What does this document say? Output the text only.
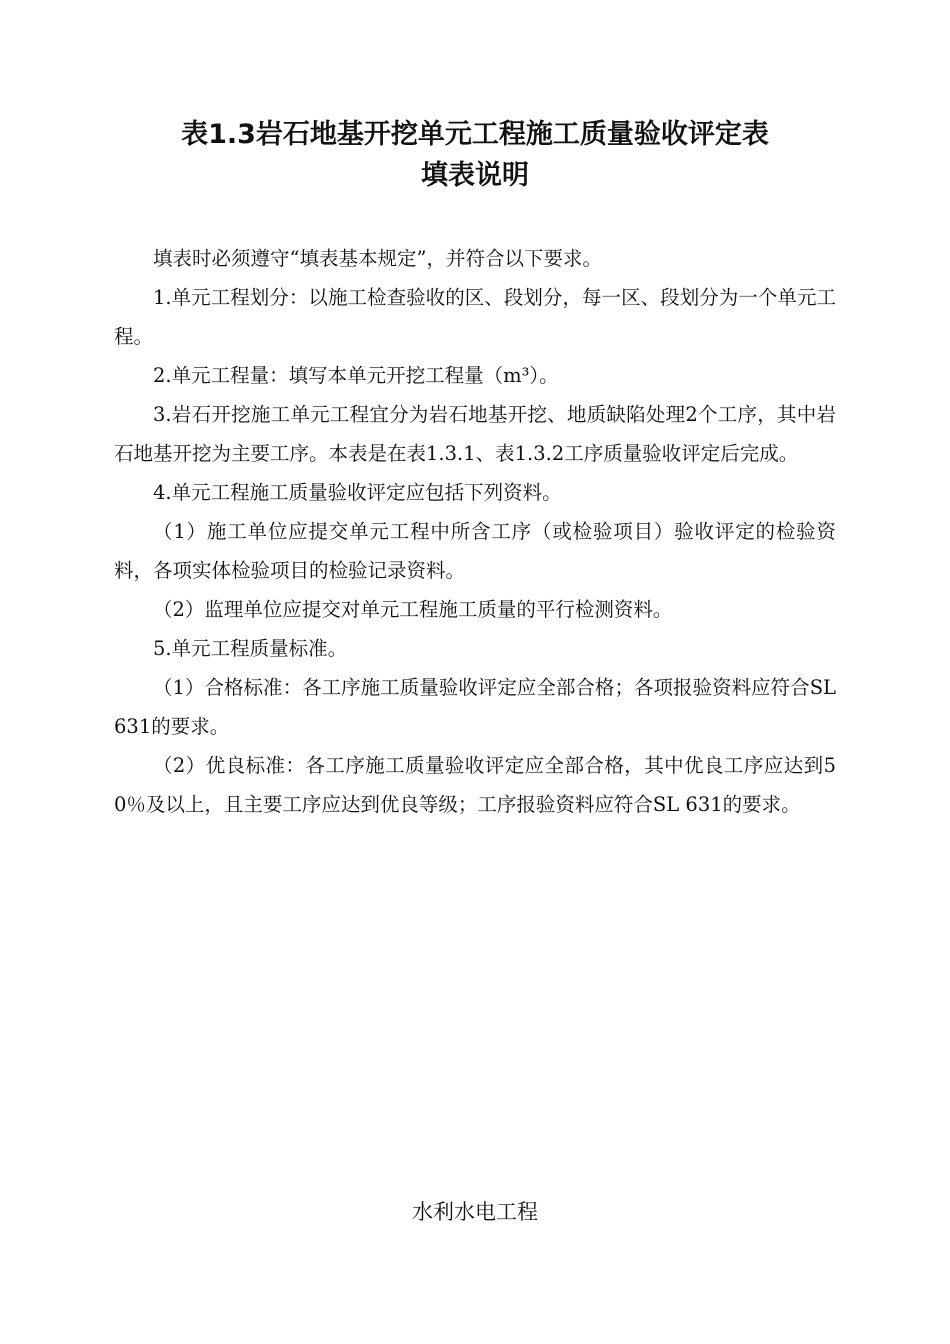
表1.3岩石地基开挖单元工程施工质量验收评定表
填表说明

填表时必须遵守“填表基本规定”，并符合以下要求。

1.单元工程划分：以施工检查验收的区、段划分，每一区、段划分为一个单元工程。

2.单元工程量：填写本单元开挖工程量（m³）。

3.岩石开挖施工单元工程宜分为岩石地基开挖、地质缺陷处理2个工序，其中岩石地基开挖为主要工序。本表是在表1.3.1、表1.3.2工序质量验收评定后完成。

4.单元工程施工质量验收评定应包括下列资料。

（1）施工单位应提交单元工程中所含工序（或检验项目）验收评定的检验资料，各项实体检验项目的检验记录资料。

（2）监理单位应提交对单元工程施工质量的平行检测资料。

5.单元工程质量标准。

（1）合格标准：各工序施工质量验收评定应全部合格；各项报验资料应符合SL 631的要求。

（2）优良标准：各工序施工质量验收评定应全部合格，其中优良工序应达到50％及以上，且主要工序应达到优良等级；工序报验资料应符合SL 631的要求。

水利水电工程
